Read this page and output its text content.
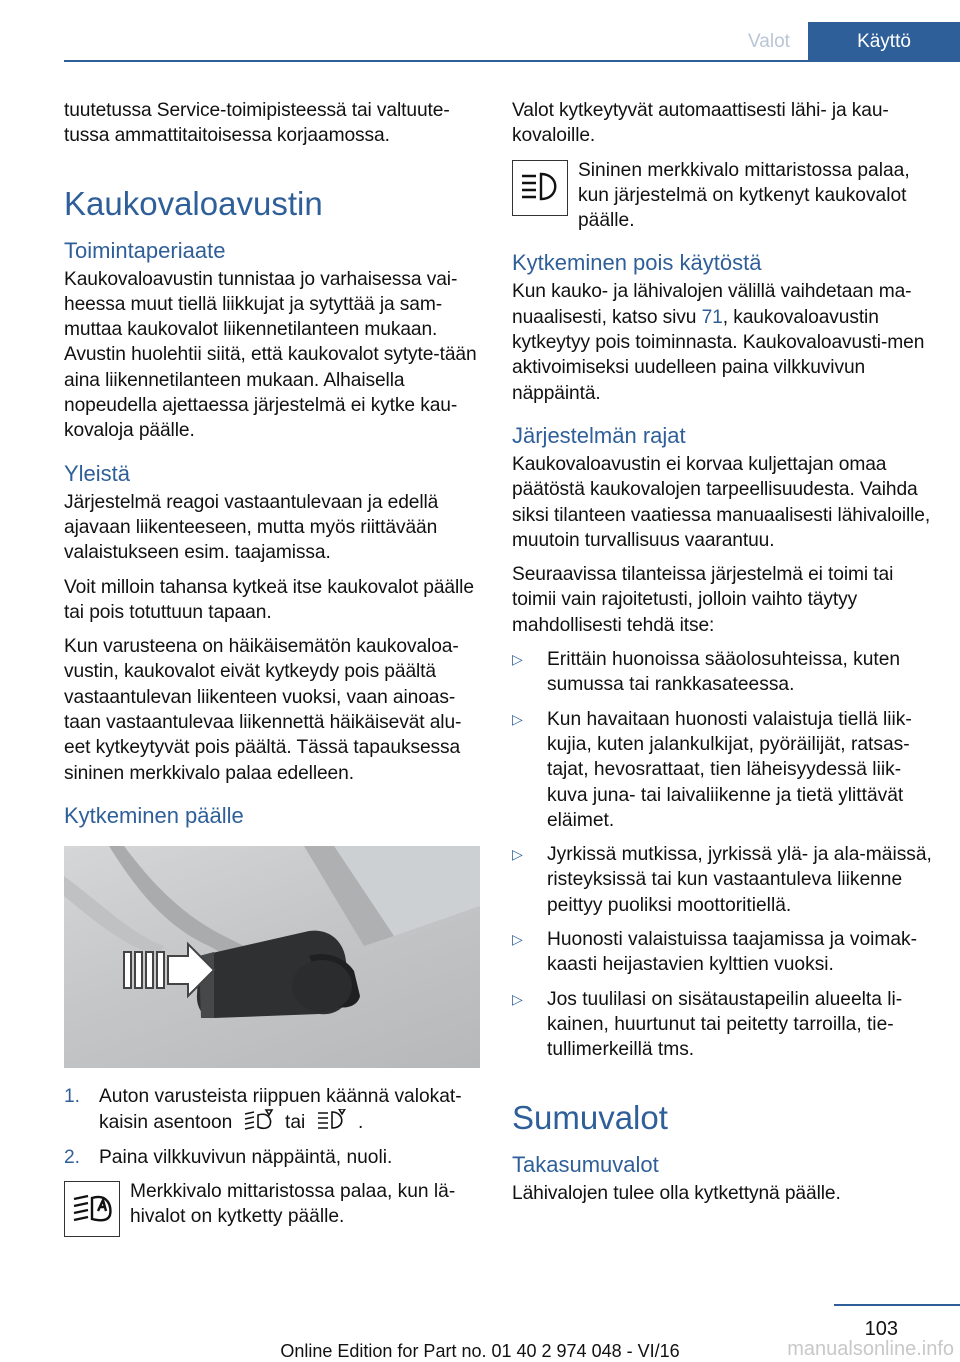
Valot	Käyttö

tuutetussa Service-toimipisteessä tai valtuute-tussa ammattitaitoisessa korjaamossa.

Kaukovaloavustin
Toimintaperiaate

Kaukovaloavustin tunnistaa jo varhaisessa vai-heessa muut tiellä liikkujat ja sytyttää ja sam-muttaa kaukovalot liikennetilanteen mukaan. Avustin huolehtii siitä, että kaukovalot sytyte-tään aina liikennetilanteen mukaan. Alhaisella nopeudella ajettaessa järjestelmä ei kytke kau-kovaloja päälle.

Yleistä

Järjestelmä reagoi vastaantulevaan ja edellä ajavaan liikenteeseen, mutta myös riittävään valaistukseen esim. taajamissa.

Voit milloin tahansa kytkeä itse kaukovalot päälle tai pois totuttuun tapaan.

Kun varusteena on häikäisemätön kaukovaloa-vustin, kaukovalot eivät kytkeydy pois päältä vastaantulevan liikenteen vuoksi, vaan ainoas-taan vastaantulevaa liikennettä häikäisevät alu-eet kytkeytyvät pois päältä. Tässä tapauksessa sininen merkkivalo palaa edelleen.

Kytkeminen päälle
1. Auton varusteista riippuen käännä valokat-kaisin asentoon	tai	.
2. Paina vilkkuvivun näppäintä, nuoli.
Merkkivalo mittaristossa palaa, kun lä-hivalot on kytketty päälle.

Valot kytkeytyvät automaattisesti lähi- ja kau-kovaloille.

Sininen merkkivalo mittaristossa palaa, kun järjestelmä on kytkenyt kaukovalot päälle.
Kytkeminen pois käytöstä

Kun kauko- ja lähivalojen välillä vaihdetaan ma-nuaalisesti, katso sivu 71, kaukovaloavustin kytkeytyy pois toiminnasta. Kaukovaloavusti-men aktivoimiseksi uudelleen paina vilkkuvivun näppäintä.

Järjestelmän rajat

Kaukovaloavustin ei korvaa kuljettajan omaa päätöstä kaukovalojen tarpeellisuudesta. Vaihda siksi tilanteen vaatiessa manuaalisesti lähivaloille, muutoin turvallisuus vaarantuu.

Seuraavissa tilanteissa järjestelmä ei toimi tai toimii vain rajoitetusti, jolloin vaihto täytyy mahdollisesti tehdä itse:

▷	Erittäin huonoissa sääolosuhteissa, kuten sumussa tai rankkasateessa.
▷	Kun havaitaan huonosti valaistuja tiellä liik-kujia, kuten jalankulkijat, pyöräilijät, ratsas-tajat, hevosrattaat, tien läheisyydessä liik-kuva juna- tai laivaliikenne ja tietä ylittävät eläimet.
▷	Jyrkissä mutkissa, jyrkissä ylä- ja ala-mäissä, risteyksissä tai kun vastaantuleva liikenne peittyy puoliksi moottoritiellä.
▷	Huonosti valaistuissa taajamissa ja voimak-kaasti heijastavien kylttien vuoksi.
▷	Jos tuulilasi on sisätaustapeilin alueelta li-kainen, huurtunut tai peitetty tarroilla, tie-tullimerkeillä tms.
Sumuvalot
Takasumuvalot

Lähivalojen tulee olla kytkettynä päälle.

103
Online Edition for Part no. 01 40 2 974 048 - VI/16	manualsonline.info
